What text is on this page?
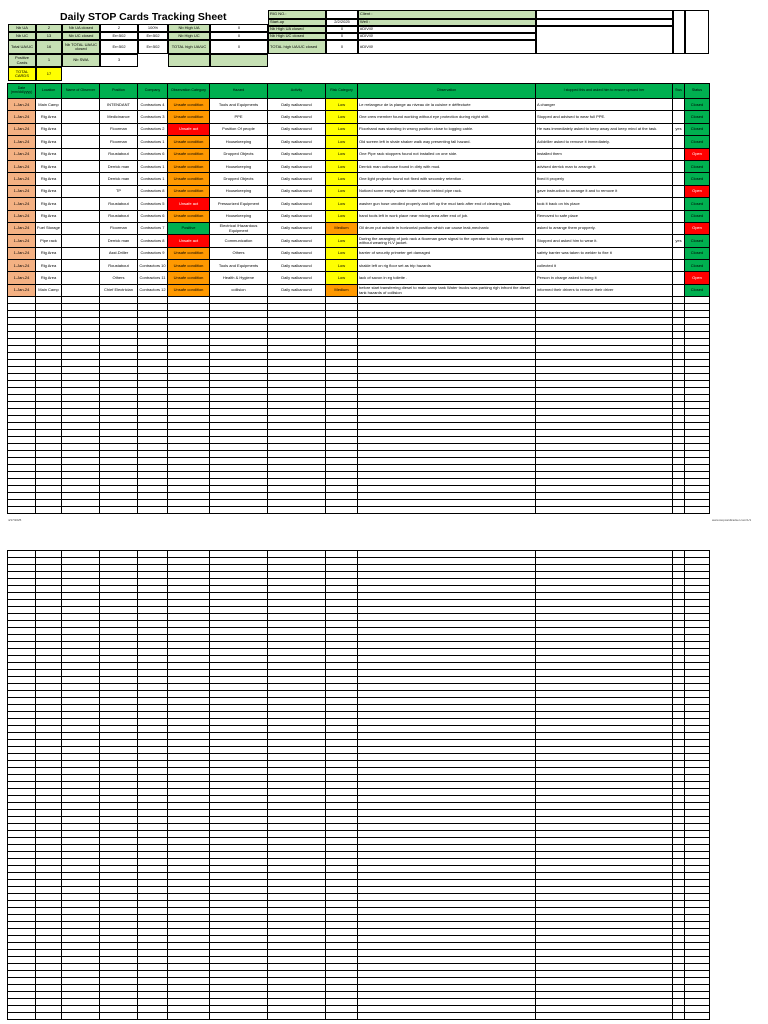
Daily STOP Cards Tracking Sheet
Nb UA	2	Nb UA closed	2	100%	Nb High UA	0
Nb UC	13	Nb UC closed	Err:502	Err:502	Nb High UC	0
Total UA/UC	16	Nb TOTAL UA/UC closed	Err:502	Err:502	TOTAL high UA/UC	0
Positive Cards	1	Nb SWA	3
TOTAL CARDS	17
RIG NO.:	Client :
Start-up	2/2/2025	Well :
Nb High UA closed	0	#DIV/0!
Nb High UC closed	0	#DIV/0!
TOTAL high UA/UC closed	0	#DIV/0!
Date (mm/dd/yyyy)	Location	Name of Observer	Position	Company	Observation Category	Hazard	Activity	Risk Category	Observation	I stopped this and asked him to ensure upward her	Sws	Status
1-Jan-24	Main Camp		INTENDANT	Contractors 4	Unsafe condition	Tools and Equipments	Daily walkaround	Low	Le rrelangeur de la plange au niveau de la cuisine e déffectuée	A changer		Closed
1-Jan-24	Rig Area		Medicinance	Contractors 3	Unsafe condition	PPE	Daily walkaround	Low	One crew member found working without eye protection during night shift.	Stopped and advised to wear full PPE.		Closed
1-Jan-24	Rig Area		Floorman	Contractors 2	Unsafe act	Position Of people	Daily walkaround	Low	Floorhand was standing in wrong position close to logging cable.	He was immediately asked to keep away and keep mind at the task.	yes	Closed
1-Jan-24	Rig Area		Floorman	Contractors 1	Unsafe condition	Housekeeping	Daily walkaround	Low	Old screen left in shale shaker walk way presenting fall hazard.	Ad/driller asked to remove it immediately.		Closed
1-Jan-24	Rig Area		Roustabout	Contractors 6	Unsafe condition	Dropped Objects	Daily walkaround	Low	One Pipe rack stoppers found not installed on one side.	installed them		Open
1-Jan-24	Rig Area		Derrick man	Contractors 1	Unsafe condition	Housekeeping	Daily walkaround	Low	Derrick man outhouse found in dirty with mud.	advised derrick man to arrange it.		Closed
1-Jan-24	Rig Area		Derrick man	Contractors 1	Unsafe condition	Dropped Objects	Daily walkaround	Low	One light projector found not fixed with secondry retention .	fixed it properly		Closed
1-Jan-24	Rig Area		TP	Contractors 8	Unsafe condition	Housekeeping	Daily walkaround	Low	Noticed some empty water bottle thrown behind pipe rack.	gave instruction to arrange it and to remove it		Open
1-Jan-24	Rig Area		Roustabout	Contractors 5	Unsafe act	Pressurized Equipment	Daily walkaround	Low	washer gun hose unrolled properly and left up the mud tank after end of cleaning task.	took it back on his place		Closed
1-Jan-24	Rig Area		Roustabout	Contractors 6	Unsafe condition	Housekeeping	Daily walkaround	Low	hand tools left in work place near mixing area after end of job.	Removed to safe place		Closed
1-Jan-24	Fuel Storage		Floorman	Contractors 7	Positive	Electrical /Hazardous Equipment	Daily walkaround	Medium	Oil drum put outside in horizontal position which car cause leak,mechanic	asked to arrange them propperly.		Open
1-Jan-24	Pipe rack		Derrick man	Contractors 8	Unsafe act	Communication	Daily walkaround	Low	During the arranging of junk rack a floorman gave signal to the operator to lock up equipment without wearing H-V jacket.	Stopped and asked him to wear it.	yes	Closed
1-Jan-24	Rig Area		Asst.Driller	Contractors 9	Unsafe condition	Others	Daily walkaround	Low	barrier of security primeter get damaged	safety barrier was taken to welder to fixe it		Closed
1-Jan-24	Rig Area		Roustabout	Contractors 10	Unsafe condition	Tools and Equipments	Daily walkaround	Low	shakle left on rig floor set as trip hazards	collected it		Closed
1-Jan-24	Rig Area		Others	Contractors 11	Unsafe condition	Health & Hygiene	Daily walkaround	Low	lack of savon in eg toilette .	Person in charge asked to bring it		Open
1-Jan-24	Main Camp		Chief Electrician	Contractors 12	Unsafe condition	collision	Daily walkaround	Medium	before start transferring diesel to main camp tank Water trucks was parking righ infront the diesel tank hazards of collision	informed their drivers to remove their driver		Closed

4/17/2025	www.stopcardtracker.com/1/1
